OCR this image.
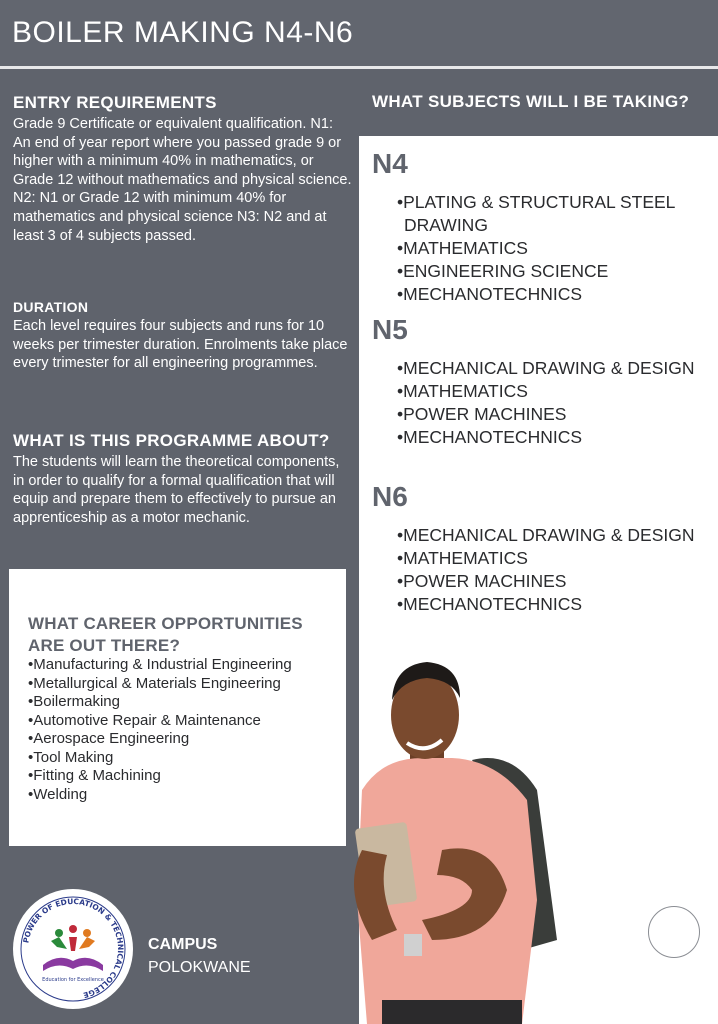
BOILER MAKING N4-N6
ENTRY REQUIREMENTS
Grade 9 Certificate or equivalent qualification. N1: An end of year report where you passed grade 9 or higher with a minimum 40% in mathematics, or Grade 12 without mathematics and physical science. N2: N1 or Grade 12 with minimum 40% for mathematics and physical science N3: N2 and at least 3 of 4 subjects passed.
DURATION
Each level requires four subjects and runs for 10 weeks per trimester duration. Enrolments take place every trimester for all engineering programmes.
WHAT IS THIS PROGRAMME ABOUT?
The students will learn the theoretical components, in order to qualify for a formal qualification that will equip and prepare them to effectively to pursue an apprenticeship as a motor mechanic.
WHAT CAREER OPPORTUNITIES ARE OUT THERE?
•Manufacturing & Industrial Engineering
•Metallurgical & Materials Engineering
•Boilermaking
•Automotive Repair & Maintenance
•Aerospace Engineering
•Tool Making
•Fitting & Machining
•Welding
WHAT SUBJECTS WILL I BE TAKING?
N4
•PLATING & STRUCTURAL STEEL DRAWING
•MATHEMATICS
•ENGINEERING SCIENCE
•MECHANOTECHNICS
N5
•MECHANICAL DRAWING & DESIGN
•MATHEMATICS
•POWER MACHINES
•MECHANOTECHNICS
N6
•MECHANICAL DRAWING & DESIGN
•MATHEMATICS
•POWER MACHINES
•MECHANOTECHNICS
POWER OF EDUCATION & TECHNICAL COLLEGE
Education for Excellence
CAMPUS
POLOKWANE
